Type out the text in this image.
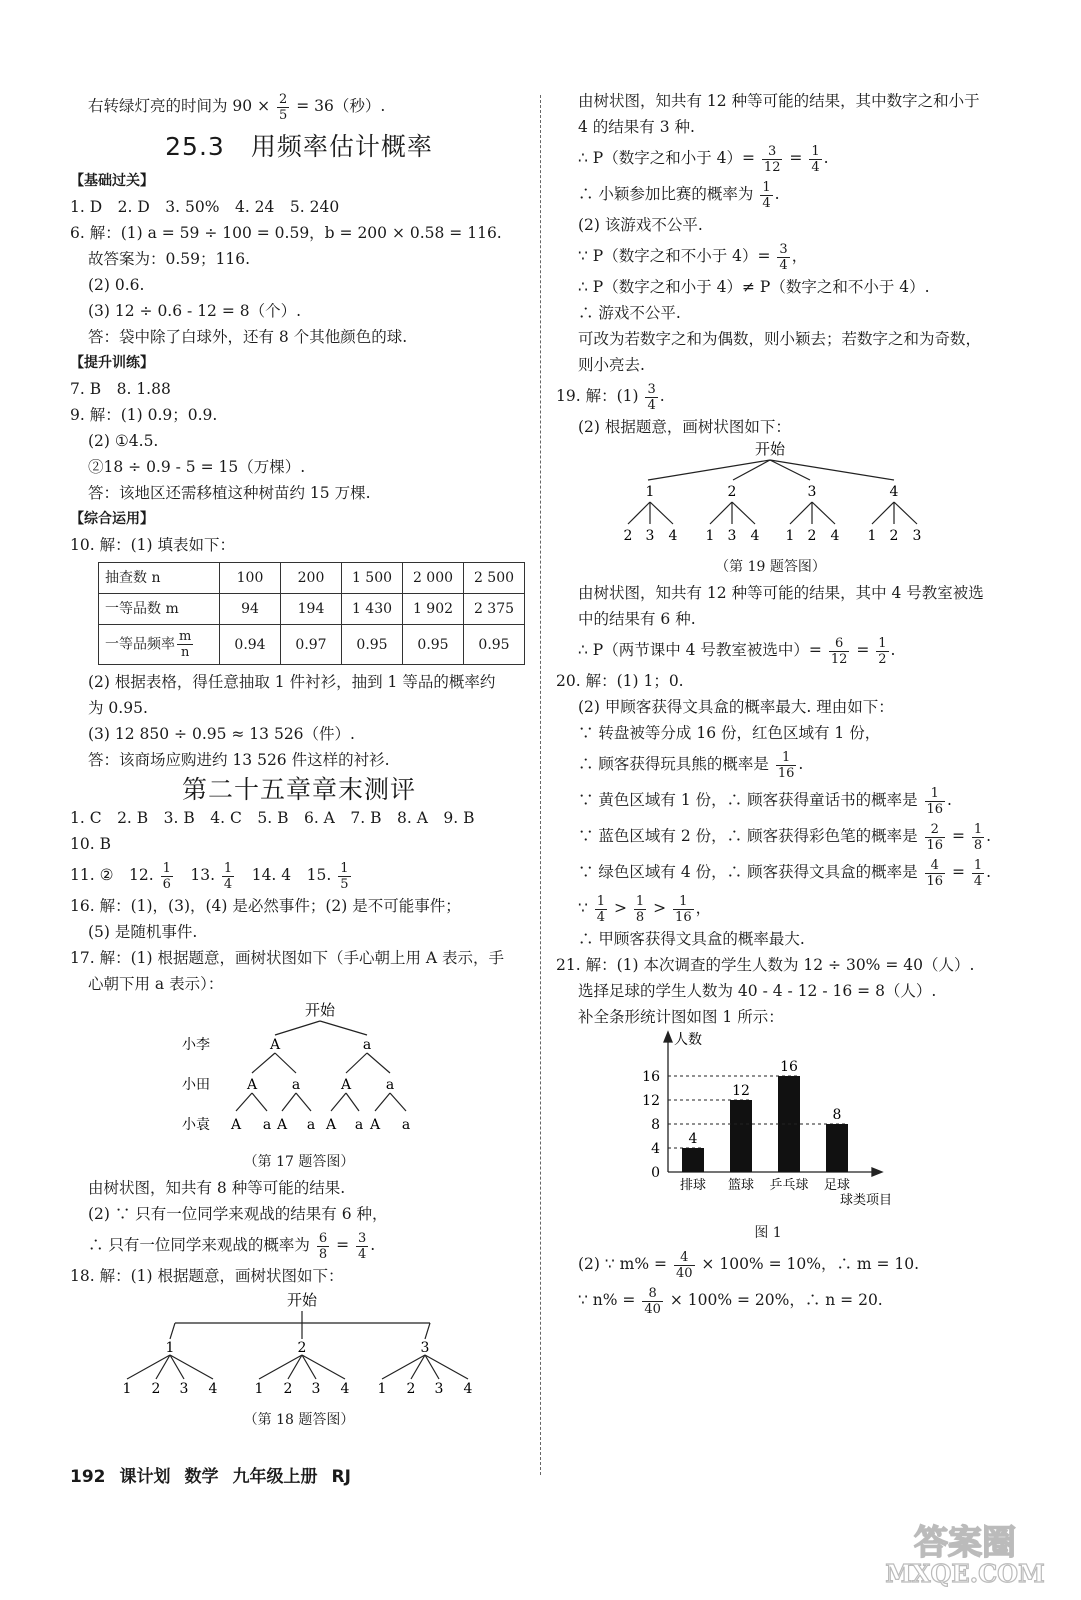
右转绿灯亮的时间为 $90 \times \frac{2}{5} = 36$（秒）.
25.3　用频率估计概率
【基础过关】
1. D　2. D　3. 50%　4. 24　5. 240
6. 解：(1) a = 59 ÷ 100 = 0.59，b = 200 × 0.58 = 116.
故答案为：0.59；116.
(2) 0.6.
(3) 12 ÷ 0.6 - 12 = 8（个）.
答：袋中除了白球外，还有 8 个其他颜色的球.
【提升训练】
7. B　8. 1.88
9. 解：(1) 0.9；0.9.
(2) ①4.5.
②18 ÷ 0.9 - 5 = 15（万棵）.
答：该地区还需移植这种树苗约 15 万棵.
【综合运用】
10. 解：(1) 填表如下：
抽查数 n	100	200	1 500	2 000	2 500
一等品数 m	94	194	1 430	1 902	2 375
一等品频率 $\frac{m}{n}$	0.94	0.97	0.95	0.95	0.95
(2) 根据表格，得任意抽取 1 件衬衫，抽到 1 等品的概率约
为 0.95.
(3) 12 850 ÷ 0.95 ≈ 13 526（件）.
答：该商场应购进约 13 526 件这样的衬衫.
第二十五章章末测评
1. C　2. B　3. B　4. C　5. B　6. A　7. B　8. A　9. B
10. B
11. ②　12. $\frac{1}{6}$ 　13. $\frac{1}{4}$ 　14. 4　15. $\frac{1}{5}$
16. 解：(1)，(3)，(4) 是必然事件；(2) 是不可能事件；
(5) 是随机事件.
17. 解：(1) 根据题意，画树状图如下（手心朝上用 A 表示，手
心朝下用 a 表示）：
开始
小李
小田
小袁
A	a
A a	A a
A a A a A a A a
（第 17 题答图）
由树状图，知共有 8 种等可能的结果.
(2) ∵ 只有一位同学来观战的结果有 6 种，
∴ 只有一位同学来观战的概率为 $\frac{6}{8} = \frac{3}{4}$ .
18. 解：(1) 根据题意，画树状图如下：
开始
1	2	3
1 2 3 4	1 2 3 4 1 2 3 4
（第 18 题答图）
由树状图，知共有 12 种等可能的结果，其中数字之和小于
4 的结果有 3 种.
∴ P（数字之和小于 $4)= \frac{3}{12} = \frac{1}{4}$ .
∴ 小颖参加比赛的概率为 $\frac{1}{4}$ .
(2) 该游戏不公平.
∵ P（数字之和不小于 $4)= \frac{3}{4}$ ，
∴ P（数字之和小于 4）≠ P（数字之和不小于 4）.
∴ 游戏不公平.
可改为若数字之和为偶数，则小颖去；若数字之和为奇数，
则小亮去.
19. 解：$(1) \frac{3}{4}$ .
(2) 根据题意，画树状图如下：
开始
1	2	3	4
2 3 4 1 3 4 1 2 4 1 2 3
（第 19 题答图）
由树状图，知共有 12 种等可能的结果，其中 4 号教室被选
中的结果有 6 种.
∴ P（两节课中 4 号教室被选中）= $\frac{6}{12} = \frac{1}{2}$ .
20. 解：(1) 1；0.
(2) 甲顾客获得文具盒的概率最大. 理由如下：
∵ 转盘被等分成 16 份，红色区域有 1 份，
∴ 顾客获得玩具熊的概率是 $\frac{1}{16}$ .
∵ 黄色区域有 1 份，∴ 顾客获得童话书的概率是 $\frac{1}{16}$ .
∵ 蓝色区域有 2 份，∴ 顾客获得彩色笔的概率是 $\frac{2}{16} = \frac{1}{8}$ .
∵ 绿色区域有 4 份，∴ 顾客获得文具盒的概率是 $\frac{4}{16} = \frac{1}{4}$ .
∵ $\frac{1}{4} > \frac{1}{8} > \frac{1}{16}$ ，
∴ 甲顾客获得文具盒的概率最大.
21. 解：(1) 本次调查的学生人数为 12 ÷ 30% = 40（人）.
选择足球的学生人数为 40 - 4 - 12 - 16 = 8（人）.
补全条形统计图如图 1 所示：
人数
球类项目
0
4
8
12
16
4
排球
12
篮球
16
乒乓球
8
足球
图 1
(2) ∵ $m\% = \frac{4}{40} \times 100\% = 10\%$，∴ m = 10.
∵ $n\% = \frac{8}{40} \times 100\% = 20\%$，∴ n = 20.
192 课计划 数学 九年级上册 RJ
答案圈
MXQE.COM
